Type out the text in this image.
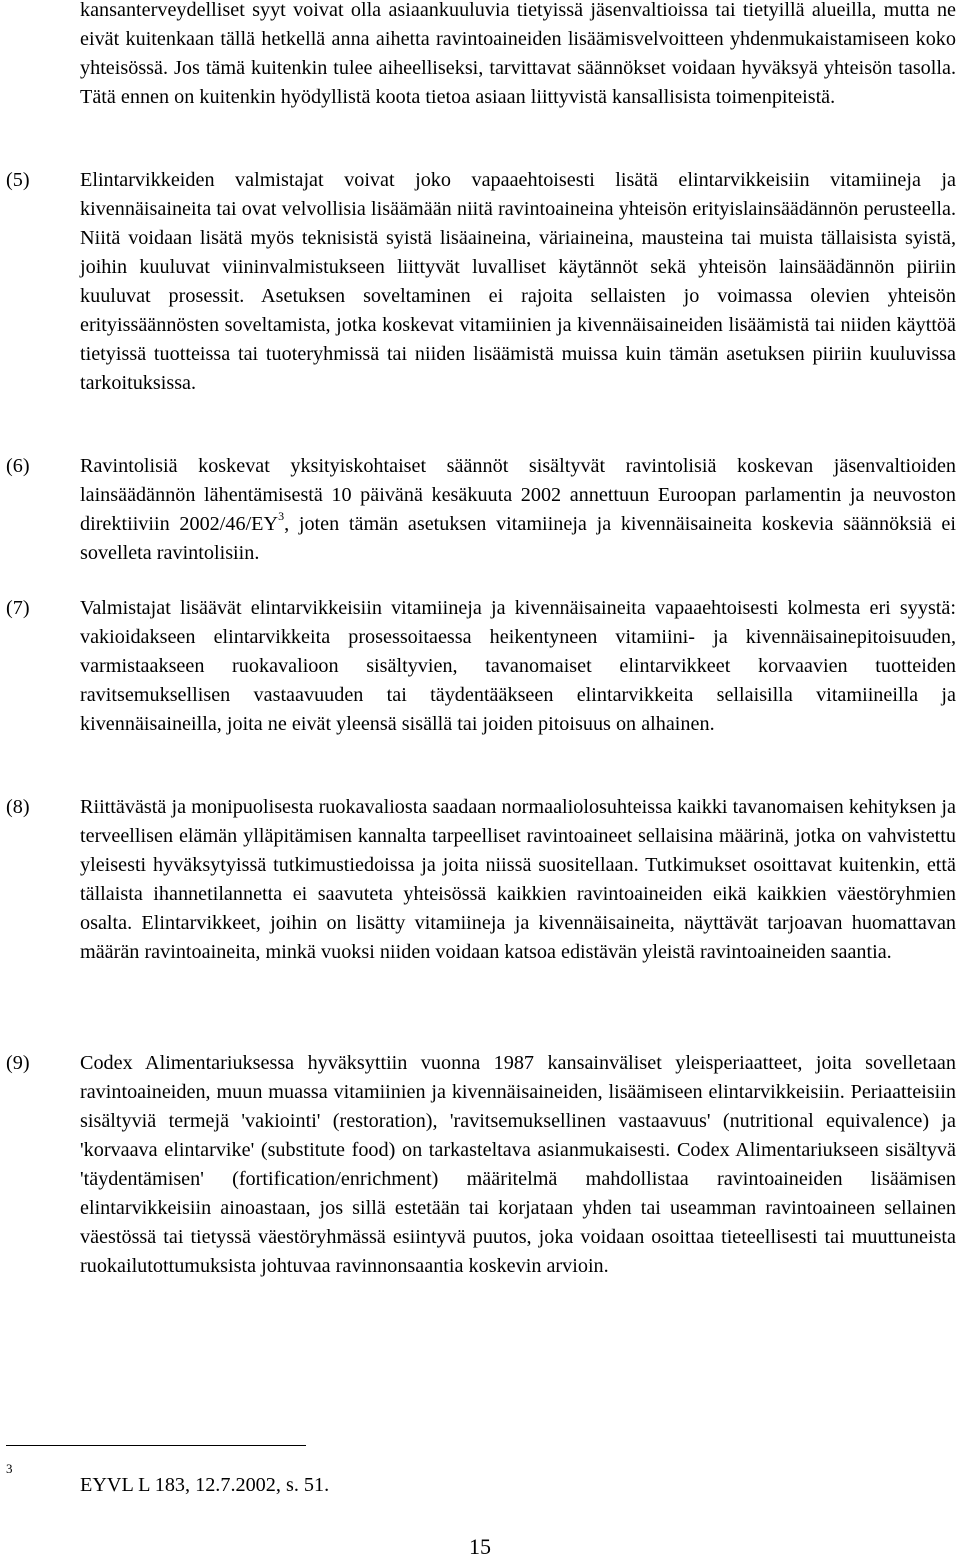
kansanterveydelliset syyt voivat olla asiaankuuluvia tietyissä jäsenvaltioissa tai tietyillä alueilla, mutta ne eivät kuitenkaan tällä hetkellä anna aihetta ravintoaineiden lisäämisvelvoitteen yhdenmukaistamiseen koko yhteisössä. Jos tämä kuitenkin tulee aiheelliseksi, tarvittavat säännökset voidaan hyväksyä yhteisön tasolla. Tätä ennen on kuitenkin hyödyllistä koota tietoa asiaan liittyvistä kansallisista toimenpiteistä.
(5) Elintarvikkeiden valmistajat voivat joko vapaaehtoisesti lisätä elintarvikkeisiin vitamiineja ja kivennäisaineita tai ovat velvollisia lisäämään niitä ravintoaineina yhteisön erityislainsäädännön perusteella. Niitä voidaan lisätä myös teknisistä syistä lisäaineina, väriaineina, mausteina tai muista tällaisista syistä, joihin kuuluvat viininvalmistukseen liittyvät luvalliset käytännöt sekä yhteisön lainsäädännön piiriin kuuluvat prosessit. Asetuksen soveltaminen ei rajoita sellaisten jo voimassa olevien yhteisön erityissäännösten soveltamista, jotka koskevat vitamiinien ja kivennäisaineiden lisäämistä tai niiden käyttöä tietyissä tuotteissa tai tuoteryhmissä tai niiden lisäämistä muissa kuin tämän asetuksen piiriin kuuluvissa tarkoituksissa.
(6) Ravintolisiä koskevat yksityiskohtaiset säännöt sisältyvät ravintolisiä koskevan jäsenvaltioiden lainsäädännön lähentämisestä 10 päivänä kesäkuuta 2002 annettuun Euroopan parlamentin ja neuvoston direktiiviin $2002/46/EY^3$, joten tämän asetuksen vitamiineja ja kivennäisaineita koskevia säännöksiä ei sovelleta ravintolisiin.
(7) Valmistajat lisäävät elintarvikkeisiin vitamiineja ja kivennäisaineita vapaaehtoisesti kolmesta eri syystä: vakioidakseen elintarvikkeita prosessoitaessa heikentyneen vitamiini- ja kivennäisainepitoisuuden, varmistaakseen ruokavalioon sisältyvien, tavanomaiset elintarvikkeet korvaavien tuotteiden ravitsemuksellisen vastaavuuden tai täydentääkseen elintarvikkeita sellaisilla vitamiineilla ja kivennäisaineilla, joita ne eivät yleensä sisällä tai joiden pitoisuus on alhainen.
(8) Riittävästä ja monipuolisesta ruokavaliosta saadaan normaaliolosuhteissa kaikki tavanomaisen kehityksen ja terveellisen elämän ylläpitämisen kannalta tarpeelliset ravintoaineet sellaisina määrinä, jotka on vahvistettu yleisesti hyväksytyissä tutkimustiedoissa ja joita niissä suositellaan. Tutkimukset osoittavat kuitenkin, että tällaista ihannetilannetta ei saavuteta yhteisössä kaikkien ravintoaineiden eikä kaikkien väestöryhmien osalta. Elintarvikkeet, joihin on lisätty vitamiineja ja kivennäisaineita, näyttävät tarjoavan huomattavan määrän ravintoaineita, minkä vuoksi niiden voidaan katsoa edistävän yleistä ravintoaineiden saantia.
(9) Codex Alimentariuksessa hyväksyttiin vuonna 1987 kansainväliset yleisperiaatteet, joita sovelletaan ravintoaineiden, muun muassa vitamiinien ja kivennäisaineiden, lisäämiseen elintarvikkeisiin. Periaatteisiin sisältyviä termejä 'vakiointi' (restoration), 'ravitsemuksellinen vastaavuus' (nutritional equivalence) ja 'korvaava elintarvike' (substitute food) on tarkasteltava asianmukaisesti. Codex Alimentariukseen sisältyvä 'täydentämisen' (fortification/enrichment) määritelmä mahdollistaa ravintoaineiden lisäämisen elintarvikkeisiin ainoastaan, jos sillä estetään tai korjataan yhden tai useamman ravintoaineen sellainen väestössä tai tietyssä väestöryhmässä esiintyvä puutos, joka voidaan osoittaa tieteellisesti tai muuttuneista ruokailutottumuksista johtuvaa ravinnonsaantia koskevin arvioin.
3
EYVL L 183, 12.7.2002, s. 51.
15
